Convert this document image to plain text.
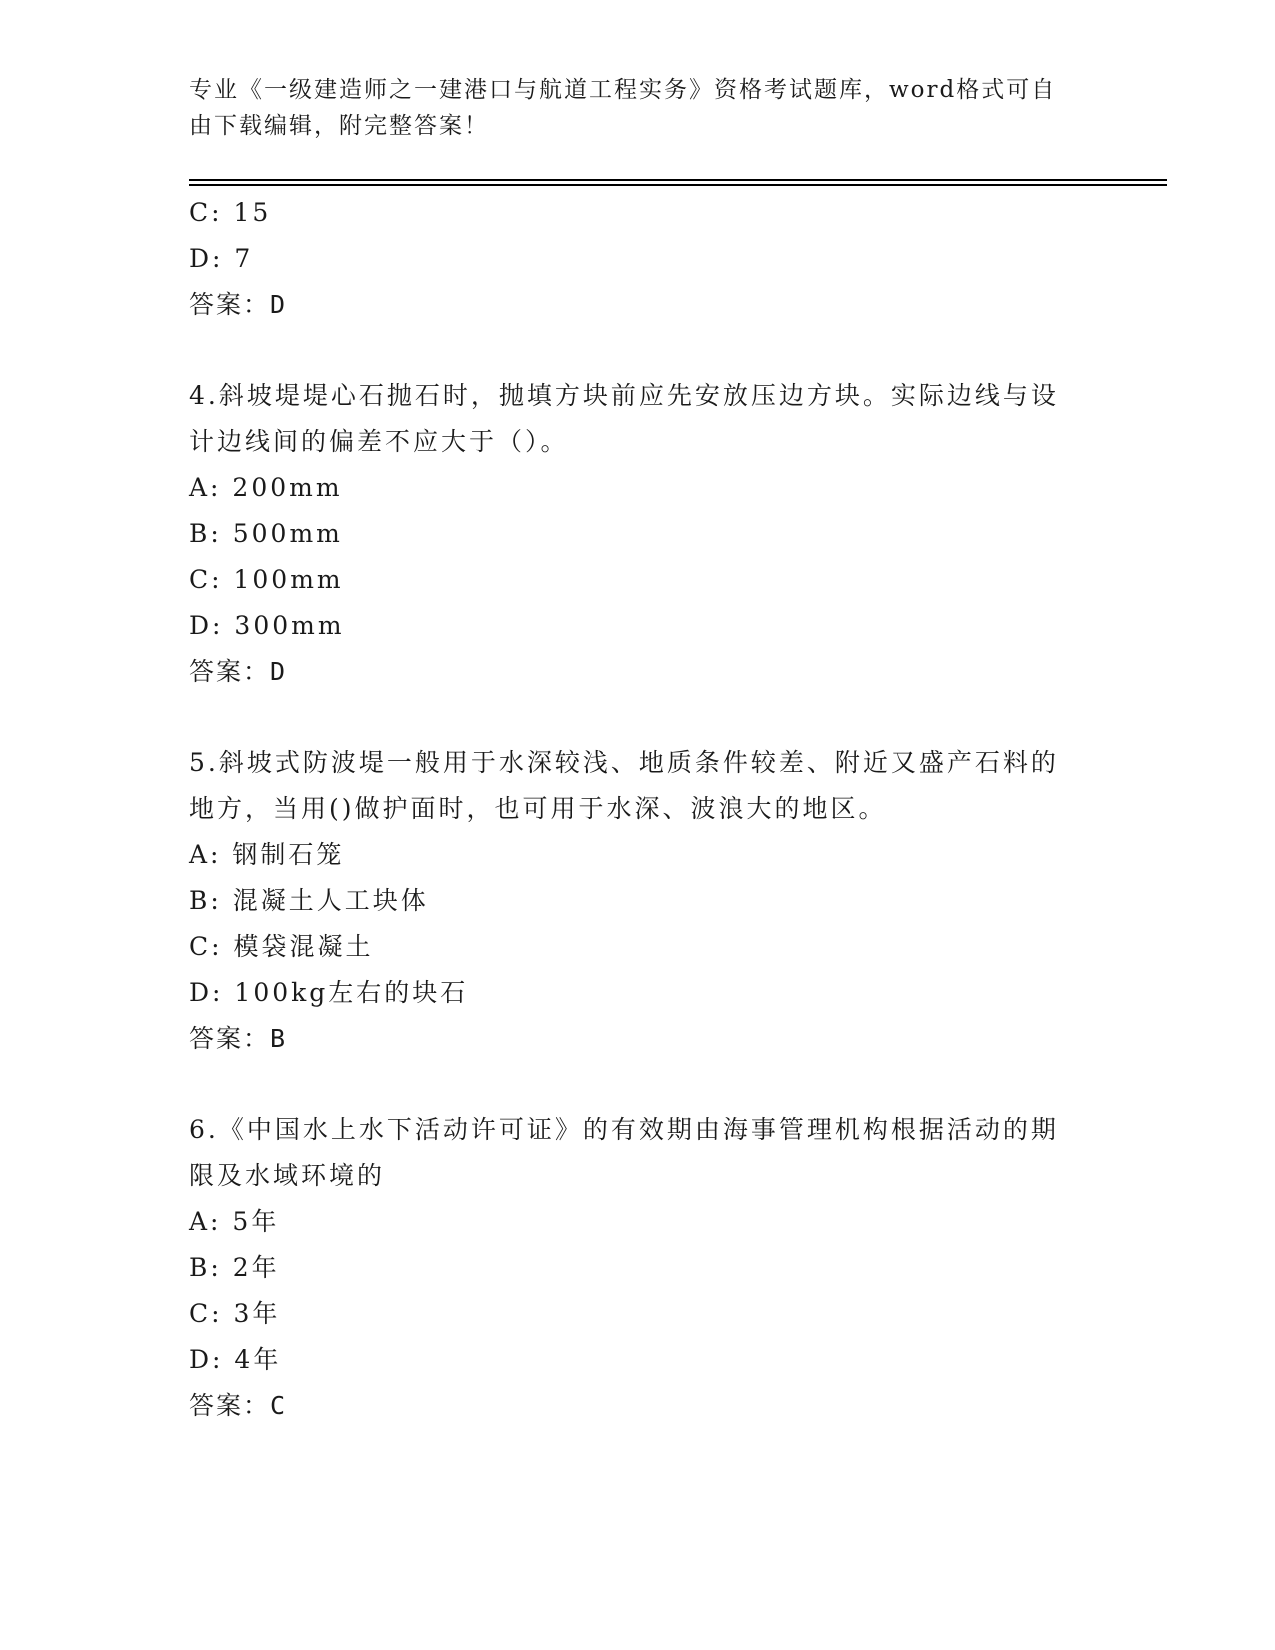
专业《一级建造师之一建港口与航道工程实务》资格考试题库，word格式可自由下载编辑，附完整答案！
C: 15
D: 7
答案：D
4.斜坡堤堤心石抛石时，抛填方块前应先安放压边方块。实际边线与设计边线间的偏差不应大于（）。
A: 200mm
B: 500mm
C: 100mm
D: 300mm
答案：D
5.斜坡式防波堤一般用于水深较浅、地质条件较差、附近又盛产石料的地方，当用()做护面时，也可用于水深、波浪大的地区。
A: 钢制石笼
B: 混凝土人工块体
C: 模袋混凝土
D: 100kg左右的块石
答案：B
6.《中国水上水下活动许可证》的有效期由海事管理机构根据活动的期限及水域环境的
A: 5年
B: 2年
C: 3年
D: 4年
答案：C
